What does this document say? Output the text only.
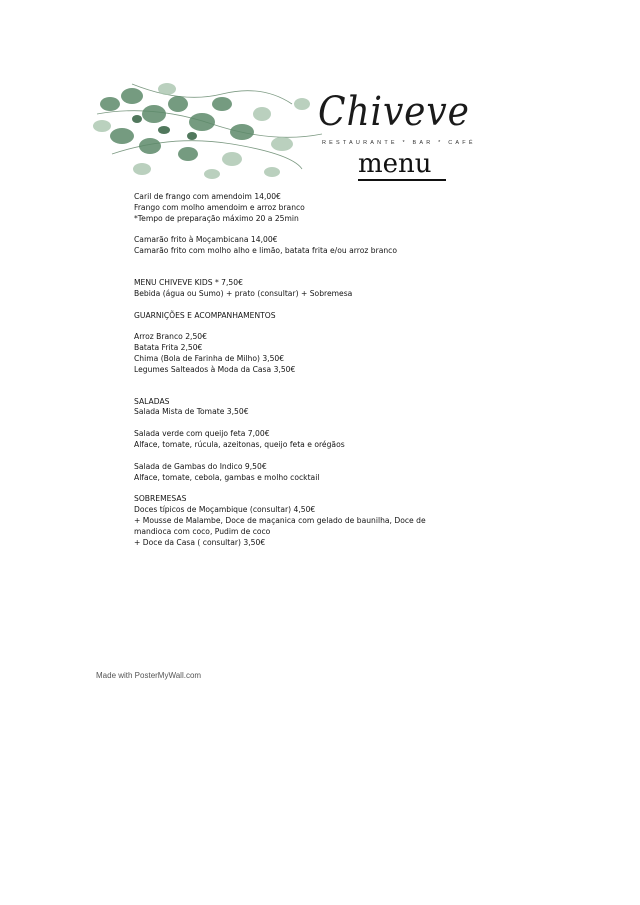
Chiveve
RESTAURANTE * BAR * CAFÉ
menu

Caril de frango com amendoim 14,00€

Frango com molho amendoim e arroz branco

*Tempo de preparação máximo 20 a 25min

Camarão frito à Moçambicana 14,00€

Camarão frito com molho alho e limão, batata frita e/ou arroz branco

MENU CHIVEVE KIDS * 7,50€

Bebida (água ou Sumo) + prato (consultar) + Sobremesa

GUARNIÇÕES E ACOMPANHAMENTOS

Arroz Branco 2,50€

Batata Frita 2,50€

Chima (Bola de Farinha de Milho) 3,50€

Legumes Salteados à Moda da Casa 3,50€

SALADAS

Salada Mista de Tomate 3,50€

Salada verde com queijo feta 7,00€

Alface, tomate, rúcula, azeitonas, queijo feta e orégãos

Salada de Gambas do Indico 9,50€

Alface, tomate, cebola, gambas e molho cocktail

SOBREMESAS

Doces típicos de Moçambique (consultar) 4,50€

+ Mousse de Malambe, Doce de maçanica com gelado de baunilha, Doce de mandioca com coco, Pudim de coco

+ Doce da Casa ( consultar) 3,50€

Made with PosterMyWall.com
